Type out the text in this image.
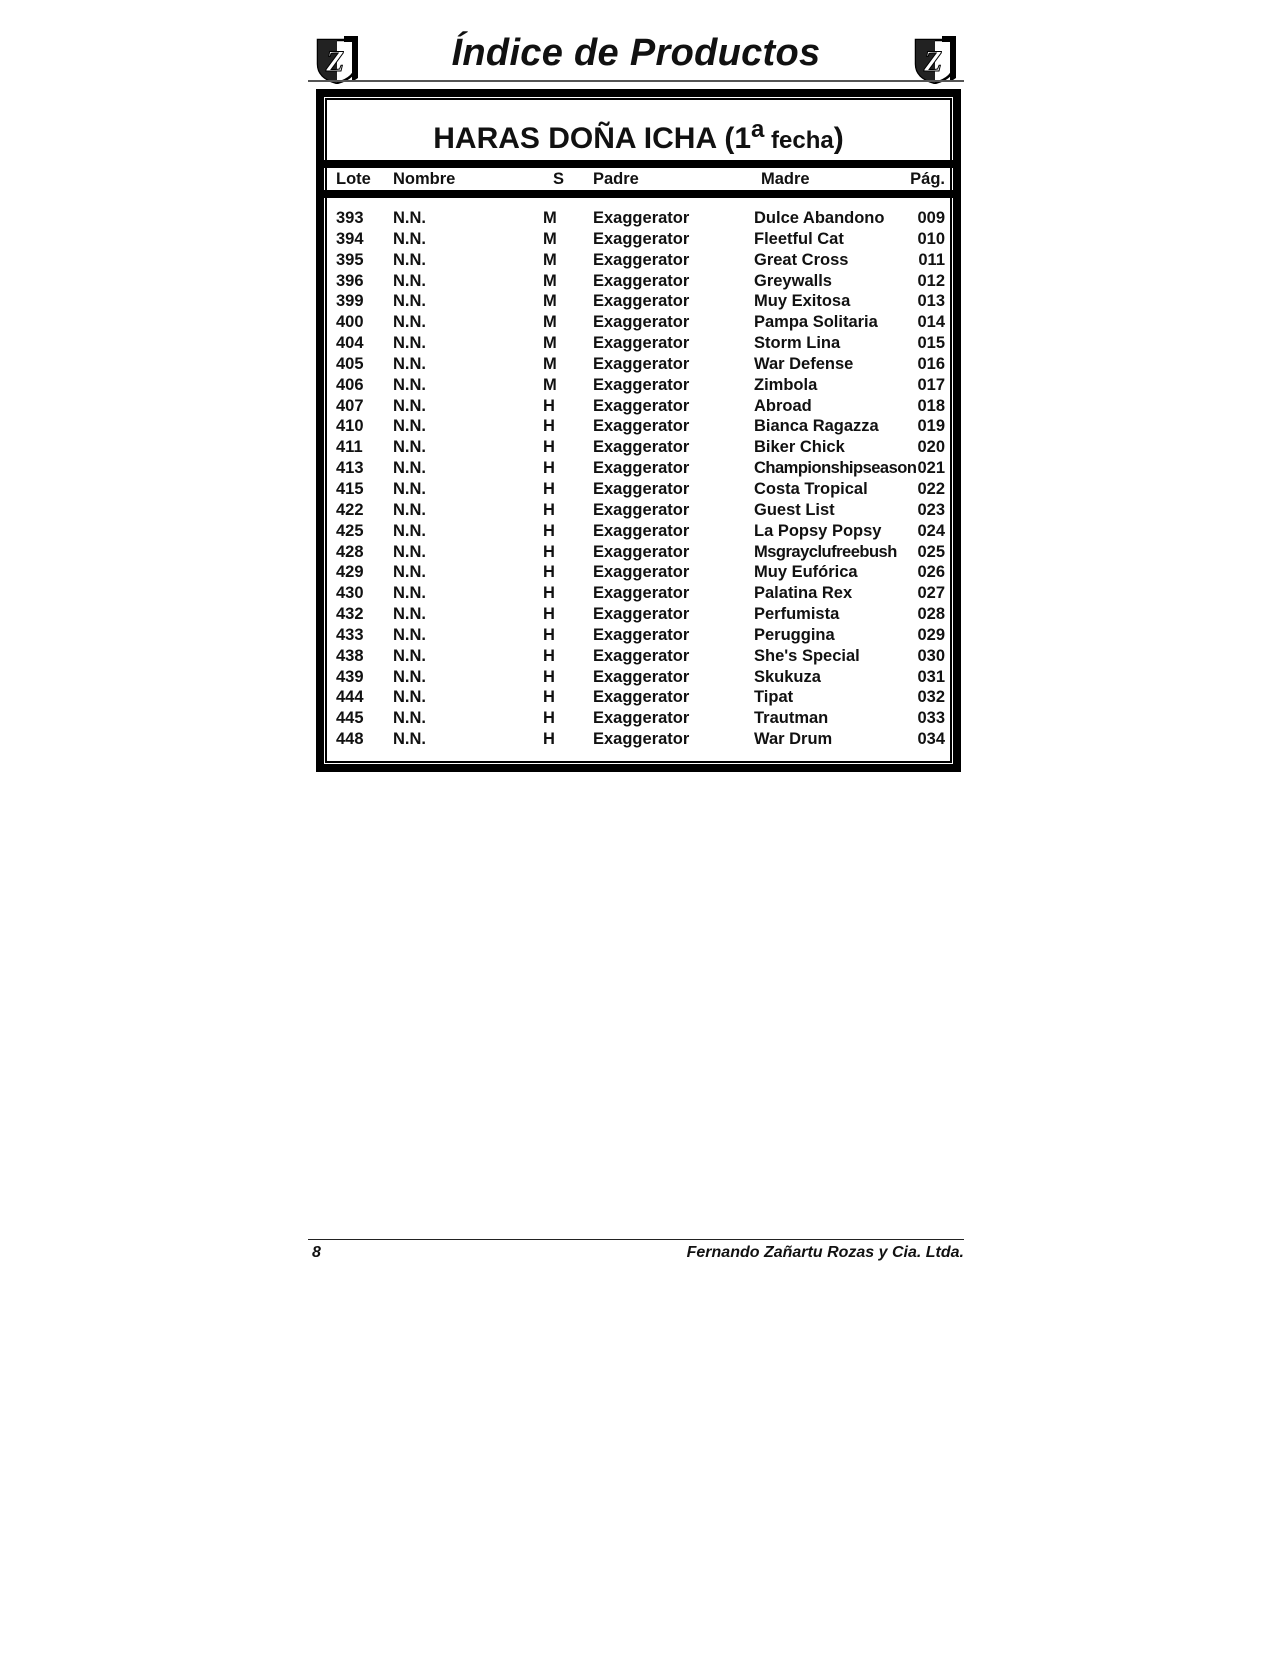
Z	Índice de Productos	Z
HARAS DOÑA ICHA (1$^a$ fecha)
Lote Nombre	S Padre	Madre	Pág.
393 N.N.	M Exaggerator	Dulce Abandono 009
394 N.N.	M Exaggerator	Fleetful Cat	010
395 N.N.	M Exaggerator	Great Cross	011
396 N.N.	M Exaggerator	Greywalls	012
399 N.N.	M Exaggerator	Muy Exitosa	013
400 N.N.	M Exaggerator	Pampa Solitaria 014
404 N.N.	M Exaggerator	Storm Lina	015
405 N.N.	M Exaggerator	War Defense	016
406 N.N.	M Exaggerator	Zimbola	017
407 N.N.	H Exaggerator	Abroad	018
410 N.N.	H Exaggerator	Bianca Ragazza 019
411 N.N.	H Exaggerator	Biker Chick	020
413 N.N.	H Exaggerator	Championshipseason 021
415 N.N.	H Exaggerator	Costa Tropical	022
422 N.N.	H Exaggerator	Guest List	023
425 N.N.	H Exaggerator	La Popsy Popsy 024
428 N.N.	H Exaggerator	Msgrayclufreebush 025
429 N.N.	H Exaggerator	Muy Eufórica	026
430 N.N.	H Exaggerator	Palatina Rex	027
432 N.N.	H Exaggerator	Perfumista	028
433 N.N.	H Exaggerator	Peruggina	029
438 N.N.	H Exaggerator	She's Special	030
439 N.N.	H Exaggerator	Skukuza	031
444 N.N.	H Exaggerator	Tipat	032
445 N.N.	H Exaggerator	Trautman	033
448 N.N.	H Exaggerator	War Drum	034
8	Fernando Zañartu Rozas y Cia. Ltda.
